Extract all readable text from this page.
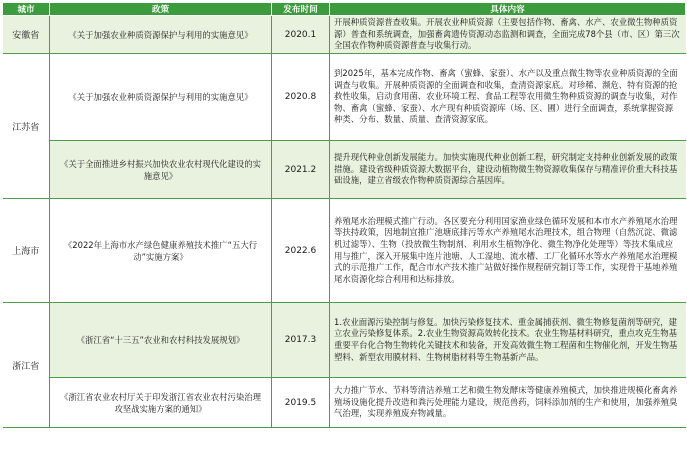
城市	政策	发布时间	具体内容
安徽省	《关于加强农业种质资源保护与利用的实施意见》	2020.1	开展种质资源普查收集。开展农业种质资源（主要包括作物、畜禽、水产、农业微生物种质资源）普查和系统调查，加强畜禽遗传资源动态监测和调查，全面完成78个县（市、区）第三次全国农作物种质资源普查与收集行动。
江苏省	《关于加强农业种质资源保护与利用的实施意见》	2020.8	到2025年，基本完成作物、畜禽（蜜蜂、家蚕）、水产以及重点微生物等农业种质资源的全面调查与收集。开展种质资源的全面调查和收集，查清资源家底。对珍稀、濒危、特有资源的抢救性收集，启动食用菌、农业环境工程、食品工程等农用微生物种质资源的调查与收集，对作物、畜禽（蜜蜂、家蚕）、水产现有种质资源库（场、区、圃）进行全面调查，系统掌握资源种类、分布、数量、质量、查清资源家底。
	《关于全面推进乡村振兴加快农业农村现代化建设的实施意见》	2021.2	提升现代种业创新发展能力。加快实施现代种业创新工程，研究制定支持种业创新发展的政策措施。建设省级种质资源大数据平台，建设动植物微生物资源收集保存与精准评价重大科技基础设施，建立省级农作物种质资源综合基因库。
上海市	《2022年上海市水产绿色健康养殖技术推广“五大行动”实施方案》	2022.6	养殖尾水治理模式推广行动。各区要充分利用国家渔业绿色循环发展和本市水产养殖尾水治理等扶持政策，因地制宜推广池塘底排污等水产养殖尾水治理技术，组合物理（自然沉淀、微滤机过滤等）、生物（投放微生物制剂、利用水生植物净化、微生物净化处理等）等技术集成应用与推广，深入开展集中连片池塘、人工湿地、流水槽、工厂化循环水等水产养殖尾水治理模式的示范推广工作，配合市水产技术推广站做好操作规程研究制订等工作，实现骨干基地养殖尾水资源化综合利用和达标排放。
浙江省	《浙江省“十三五”农业和农村科技发展规划》	2017.3	1.农业面源污染控制与修复。加快污染修复技术、重金属捕获剂、微生物修复菌剂等研究，建立农业污染修复体系。2.农业生物资源高效转化技术。农业生物基材料研究，重点攻克生物基重要平台化合物生物转化关键技术和装备，开发高效微生物工程菌和生物催化剂，开发生物基塑料、新型农用膜材料、生物树脂材料等生物基新产品。
	《浙江省农业农村厅关于印发浙江省农业农村污染治理攻坚战实施方案的通知》	2019.5	大力推广节水、节料等清洁养殖工艺和微生物发酵床等健康养殖模式，加快推进规模化畜禽养殖场设施化提升改造和粪污处理能力建设，规范兽药，饲料添加剂的生产和使用，加强养殖臭气治理，实现养殖废弃物减量。
